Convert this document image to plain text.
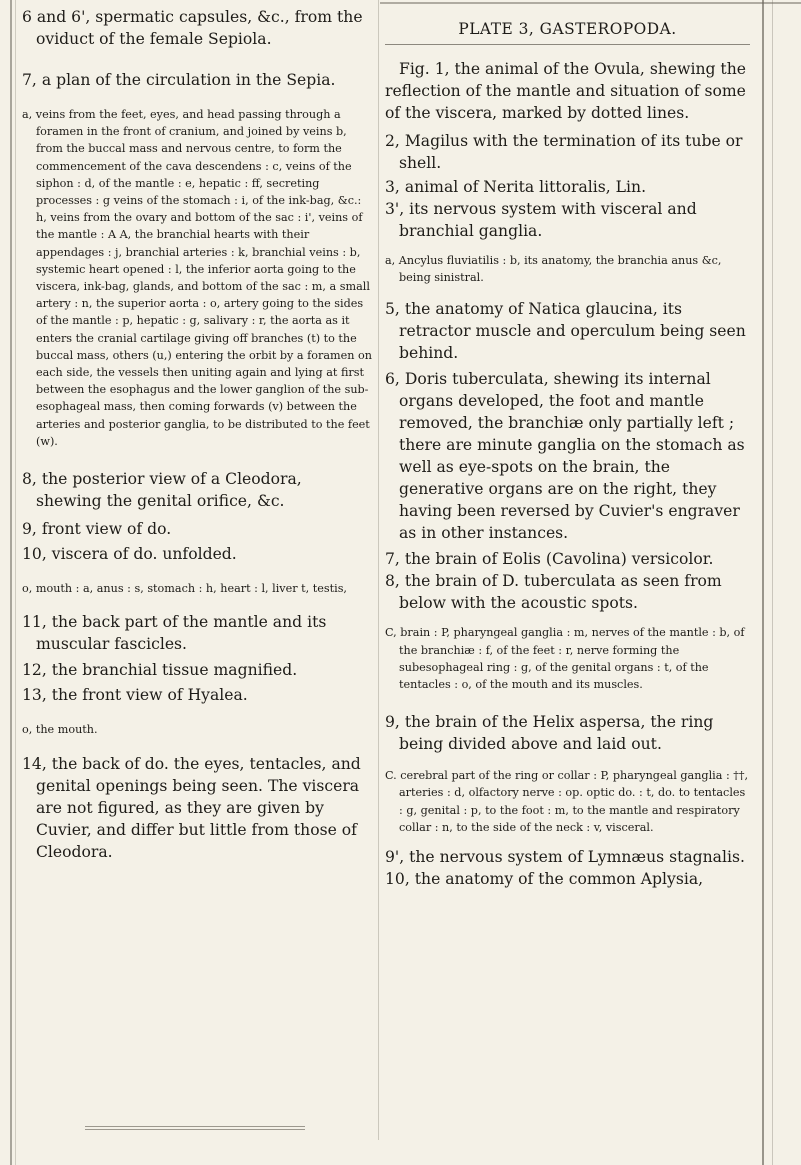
6 and 6', spermatic capsules, &c., from the oviduct of the female Sepiola.
7, a plan of the circulation in the Sepia.
a, veins from the feet, eyes, and head passing through a foramen in the front of cranium, and joined by veins b, from the buccal mass and nervous centre, to form the commencement of the cava descendens : c, veins of the siphon : d, of the mantle : e, hepatic : ff, secreting processes : g veins of the stomach : i, of the ink-bag, &c.: h, veins from the ovary and bottom of the sac : i', veins of the mantle : A A, the branchial hearts with their appendages : j, branchial arteries : k, branchial veins : b, systemic heart opened : l, the inferior aorta going to the viscera, ink-bag, glands, and bottom of the sac : m, a small artery : n, the superior aorta : o, artery going to the sides of the mantle : p, hepatic : g, salivary : r, the aorta as it enters the cranial cartilage giving off branches (t) to the buccal mass, others (u,) entering the orbit by a foramen on each side, the vessels then uniting again and lying at first between the esophagus and the lower ganglion of the sub-esophageal mass, then coming forwards (v) between the arteries and posterior ganglia, to be distributed to the feet (w).
8, the posterior view of a Cleodora, shewing the genital orifice, &c.
9, front view of do.
10, viscera of do. unfolded.
o, mouth : a, anus : s, stomach : h, heart : l, liver t, testis,
11, the back part of the mantle and its muscular fascicles.
12, the branchial tissue magnified.
13, the front view of Hyalea.
o, the mouth.
14, the back of do. the eyes, tentacles, and genital openings being seen. The viscera are not figured, as they are given by Cuvier, and differ but little from those of Cleodora.
PLATE 3, GASTEROPODA.
Fig. 1, the animal of the Ovula, shewing the reflection of the mantle and situation of some of the viscera, marked by dotted lines.
2, Magilus with the termination of its tube or shell.
3, animal of Nerita littoralis, Lin.
3', its nervous system with visceral and branchial ganglia.
a, Ancylus fluviatilis : b, its anatomy, the branchia anus &c, being sinistral.
5, the anatomy of Natica glaucina, its retractor muscle and operculum being seen behind.
6, Doris tuberculata, shewing its internal organs developed, the foot and mantle removed, the branchiæ only partially left ; there are minute ganglia on the stomach as well as eye-spots on the brain, the generative organs are on the right, they having been reversed by Cuvier's engraver as in other instances.
7, the brain of Eolis (Cavolina) versicolor.
8, the brain of D. tuberculata as seen from below with the acoustic spots.
C, brain : P, pharyngeal ganglia : m, nerves of the mantle : b, of the branchiæ : f, of the feet : r, nerve forming the subesophageal ring : g, of the genital organs : t, of the tentacles : o, of the mouth and its muscles.
9, the brain of the Helix aspersa, the ring being divided above and laid out.
C. cerebral part of the ring or collar : P, pharyngeal ganglia : ††, arteries : d, olfactory nerve : op. optic do. : t, do. to tentacles : g, genital : p, to the foot : m, to the mantle and respiratory collar : n, to the side of the neck : v, visceral.
9', the nervous system of Lymnæus stagnalis.
10, the anatomy of the common Aplysia,
